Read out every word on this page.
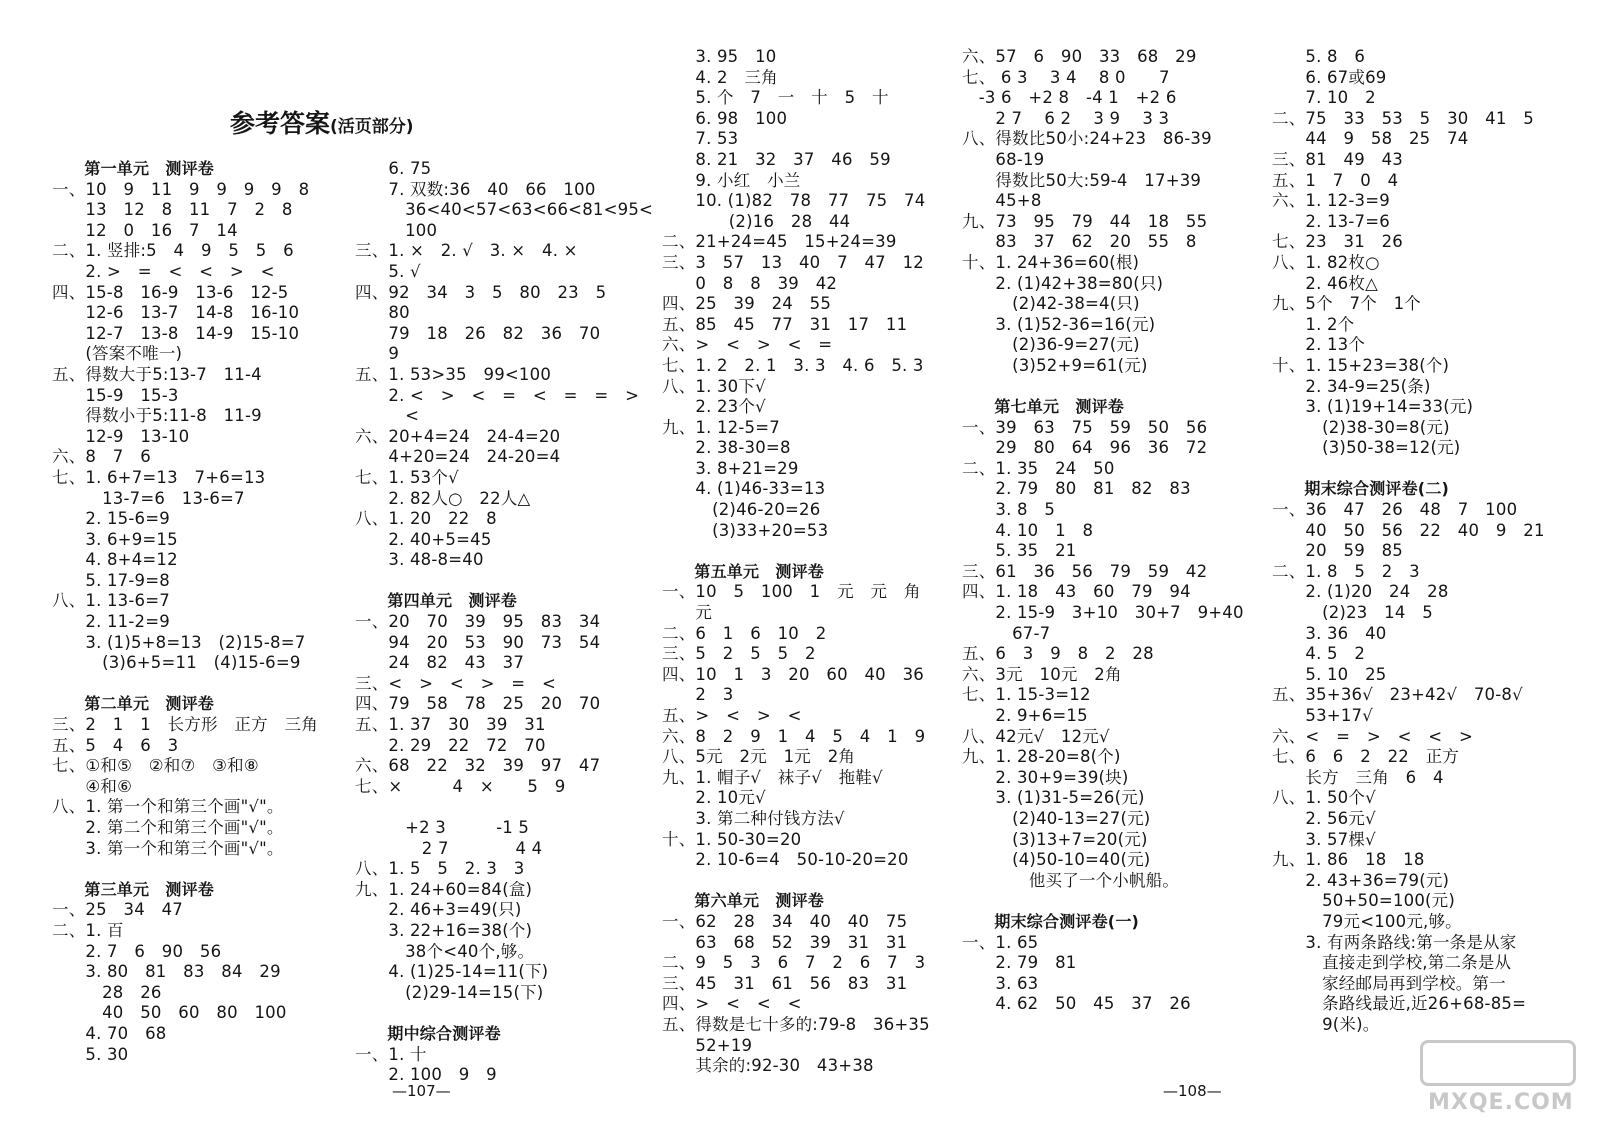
参考答案(活页部分)
　　第一单元　测评卷
一、10　9　11　9　9　9　9　8
　　13　12　8　11　7　2　8
　　12　0　16　7　14
二、1. 竖排:5　4　9　5　5　6
　　2. >　=　<　<　>　<
四、15-8　16-9　13-6　12-5
　　12-6　13-7　14-8　16-10
　　12-7　13-8　14-9　15-10
　　(答案不唯一)
五、得数大于5:13-7　11-4
　　15-9　15-3
　　得数小于5:11-8　11-9
　　12-9　13-10
六、8　7　6
七、1. 6+7=13　7+6=13
　　　13-7=6　13-6=7
　　2. 15-6=9
　　3. 6+9=15
　　4. 8+4=12
　　5. 17-9=8
八、1. 13-6=7
　　2. 11-2=9
　　3. (1)5+8=13　(2)15-8=7
　　　(3)6+5=11　(4)15-6=9
　　第二单元　测评卷
三、2　1　1　长方形　正方　三角
五、5　4　6　3
七、①和⑤　②和⑦　③和⑧
　　④和⑥
八、1. 第一个和第三个画"√"。
　　2. 第二个和第三个画"√"。
　　3. 第一个和第三个画"√"。
　　第三单元　测评卷
一、25　34　47
二、1. 百
　　2. 7　6　90　56
　　3. 80　81　83　84　29
　　　28　26
　　　40　50　60　80　100
　　4. 70　68
　　5. 30
　　6. 75
　　7. 双数:36　40　66　100
　　　36<40<57<63<66<81<95<
　　　100
三、1. ×　2. √　3. ×　4. ×
　　5. √
四、92　34　3　5　80　23　5
　　80
　　79　18　26　82　36　70
　　9
五、1. 53>35　99<100
　　2. <　>　<　=　<　=　=　>
　　　<
六、20+4=24　24-4=20
　　4+20=24　24-20=4
七、1. 53个√
　　2. 82人○　22人△
八、1. 20　22　8
　　2. 40+5=45
　　3. 48-8=40
　　第四单元　测评卷
一、20　70　39　95　83　34
　　94　20　53　90　73　54
　　24　82　43　37
三、<　>　<　>　=　<
四、79　58　78　25　20　70
五、1. 37　30　39　31
　　2. 29　22　72　70
六、68　22　32　39　97　47
七、×　　　4　×　　5　9
　　　+2 3　　　-1 5
　　　　2 7　　　　4 4
八、1. 5　5　2. 3　3
九、1. 24+60=84(盒)
　　2. 46+3=49(只)
　　3. 22+16=38(个)
　　　38个<40个,够。
　　4. (1)25-14=11(下)
　　　(2)29-14=15(下)
　　期中综合测评卷
一、1. 十
　　2. 100　9　9
　　3. 95　10
　　4. 2　三角
　　5. 个　7　一　十　5　十
　　6. 98　100
　　7. 53
　　8. 21　32　37　46　59
　　9. 小红　小兰
　　10. (1)82　78　77　75　74
　　　　(2)16　28　44
二、21+24=45　15+24=39
三、3　57　13　40　7　47　12
　　0　8　8　39　42
四、25　39　24　55
五、85　45　77　31　17　11
六、>　<　>　<　=
七、1. 2　2. 1　3. 3　4. 6　5. 3
八、1. 30下√
　　2. 23个√
九、1. 12-5=7
　　2. 38-30=8
　　3. 8+21=29
　　4. (1)46-33=13
　　　(2)46-20=26
　　　(3)33+20=53
　　第五单元　测评卷
一、10　5　100　1　元　元　角
　　元
二、6　1　6　10　2
三、5　2　5　5　2
四、10　1　3　20　60　40　36
　　2　3
五、>　<　>　<
六、8　2　9　1　4　5　4　1　9
八、5元　2元　1元　2角
九、1. 帽子√　袜子√　拖鞋√
　　2. 10元√
　　3. 第二种付钱方法√
十、1. 50-30=20
　　2. 10-6=4　50-10-20=20
　　第六单元　测评卷
一、62　28　34　40　40　75
　　63　68　52　39　31　31
二、9　5　3　6　7　2　6　7　3
三、45　31　61　56　83　31
四、>　<　<　<
五、得数是七十多的:79-8　36+35
　　52+19
　　其余的:92-30　43+38
六、57　6　90　33　68　29
七、 6 3　 3 4　 8 0　　7
　-3 6　+2 8　-4 1　+2 6
　　2 7　 6 2　 3 9　 3 3
八、得数比50小:24+23　86-39
　　68-19
　　得数比50大:59-4　17+39
　　45+8
九、73　95　79　44　18　55
　　83　37　62　20　55　8
十、1. 24+36=60(根)
　　2. (1)42+38=80(只)
　　　(2)42-38=4(只)
　　3. (1)52-36=16(元)
　　　(2)36-9=27(元)
　　　(3)52+9=61(元)
　　第七单元　测评卷
一、39　63　75　59　50　56
　　29　80　64　96　36　72
二、1. 35　24　50
　　2. 79　80　81　82　83
　　3. 8　5
　　4. 10　1　8
　　5. 35　21
三、61　36　56　79　59　42
四、1. 18　43　60　79　94
　　2. 15-9　3+10　30+7　9+40
　　　67-7
五、6　3　9　8　2　28
六、3元　10元　2角
七、1. 15-3=12
　　2. 9+6=15
八、42元√　12元√
九、1. 28-20=8(个)
　　2. 30+9=39(块)
　　3. (1)31-5=26(元)
　　　(2)40-13=27(元)
　　　(3)13+7=20(元)
　　　(4)50-10=40(元)
　　　　他买了一个小帆船。
　　期末综合测评卷(一)
一、1. 65
　　2. 79　81
　　3. 63
　　4. 62　50　45　37　26
　　5. 8　6
　　6. 67或69
　　7. 10　2
二、75　33　53　5　30　41　5
　　44　9　58　25　74
三、81　49　43
五、1　7　0　4
六、1. 12-3=9
　　2. 13-7=6
七、23　31　26
八、1. 82枚○
　　2. 46枚△
九、5个　7个　1个
　　1. 2个
　　2. 13个
十、1. 15+23=38(个)
　　2. 34-9=25(条)
　　3. (1)19+14=33(元)
　　　(2)38-30=8(元)
　　　(3)50-38=12(元)
　　期末综合测评卷(二)
一、36　47　26　48　7　100
　　40　50　56　22　40　9　21
　　20　59　85
二、1. 8　5　2　3
　　2. (1)20　24　28
　　　(2)23　14　5
　　3. 36　40
　　4. 5　2
　　5. 10　25
五、35+36√　23+42√　70-8√
　　53+17√
六、<　=　>　<　<　>
七、6　6　2　22　正方
　　长方　三角　6　4
八、1. 50个√
　　2. 56元√
　　3. 57棵√
九、1. 86　18　18
　　2. 43+36=79(元)
　　　50+50=100(元)
　　　79元<100元,够。
　　3. 有两条路线:第一条是从家
　　　直接走到学校,第二条是从
　　　家经邮局再到学校。第一
　　　条路线最近,近26+68-85=
　　　9(米)。
—107—	—108—	MXQE.COM
